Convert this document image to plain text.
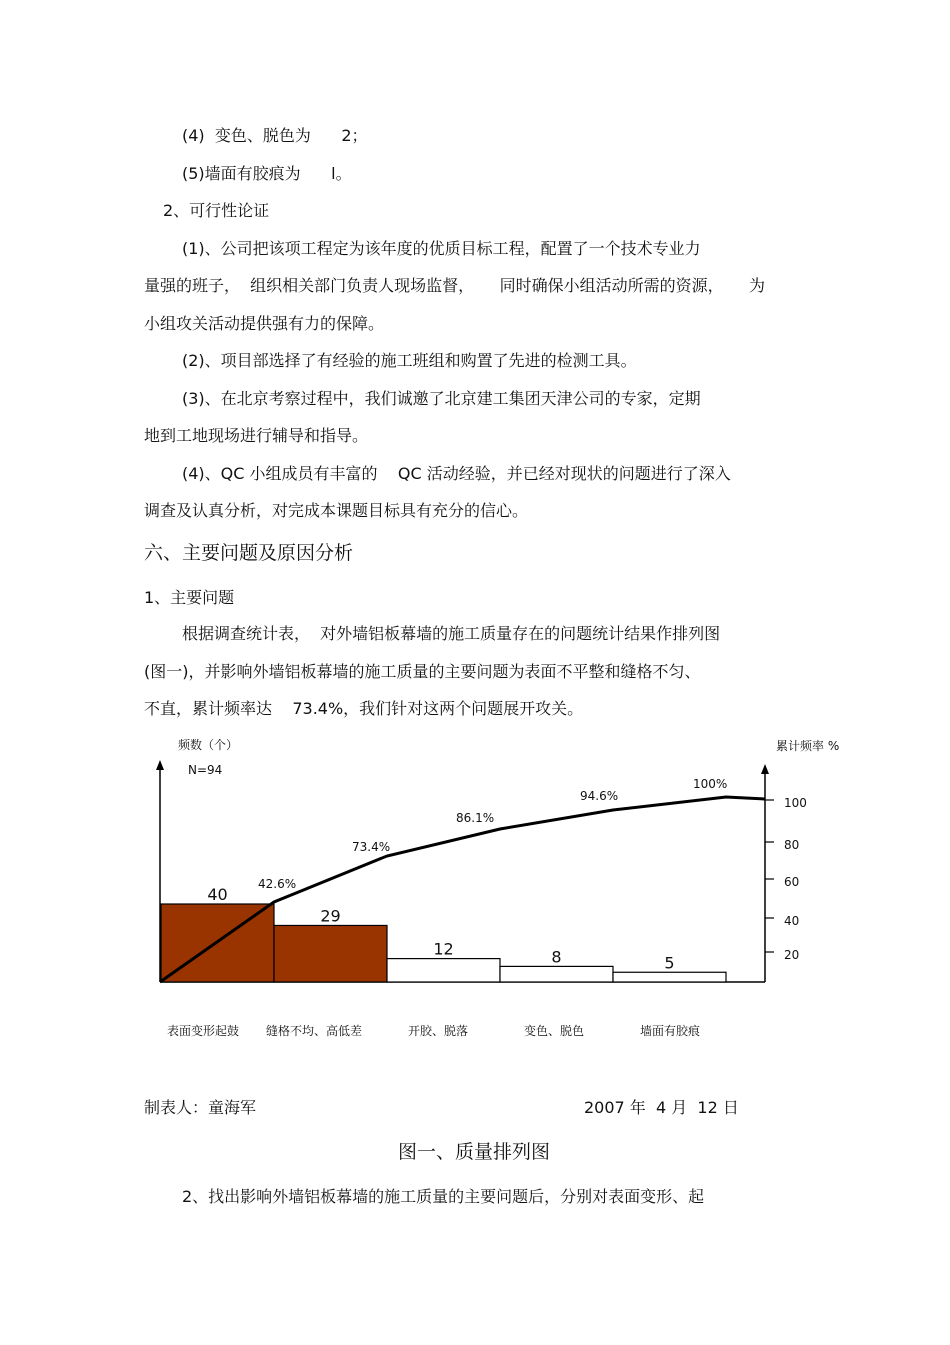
(4)  变色、脱色为      2；
(5)墙面有胶痕为      l。
2、可行性论证
(1)、公司把该项工程定为该年度的优质目标工程，配置了一个技术专业力
量强的班子，  组织相关部门负责人现场监督，     同时确保小组活动所需的资源，     为
小组攻关活动提供强有力的保障。
(2)、项目部选择了有经验的施工班组和购置了先进的检测工具。
(3)、在北京考察过程中，我们诚邀了北京建工集团天津公司的专家，定期
地到工地现场进行辅导和指导。
(4)、QC 小组成员有丰富的    QC 活动经验，并已经对现状的问题进行了深入
调查及认真分析，对完成本课题目标具有充分的信心。
六、主要问题及原因分析
1、主要问题
根据调查统计表，  对外墙铝板幕墙的施工质量存在的问题统计结果作排列图
(图一)，并影响外墙铝板幕墙的施工质量的主要问题为表面不平整和缝格不匀、
不直，累计频率达    73.4%，我们针对这两个问题展开攻关。
频数（个）
N=94
累计频率 %
100
80
60
40
20
40
29
12	8	5
42.6%
73.4%
86.1%
94.6%
100%
表面变形起鼓 缝格不均、高低差	开胶、脱落	变色、脱色	墙面有胶痕
制表人：童海军	2007 年  4 月  12 日
图一、质量排列图
2、找出影响外墙铝板幕墙的施工质量的主要问题后，分别对表面变形、起
